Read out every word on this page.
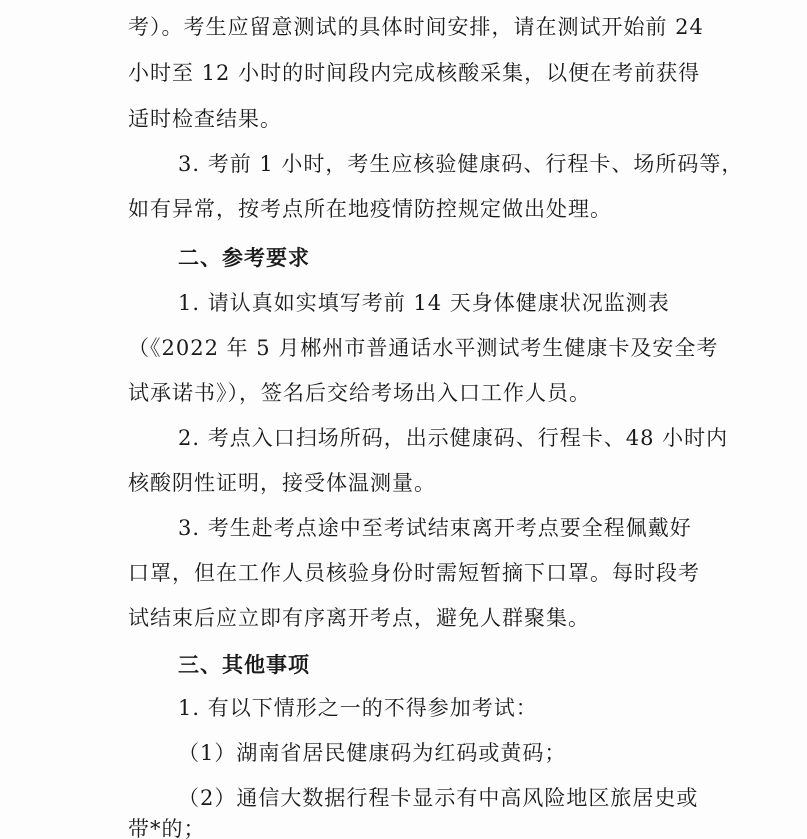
考）。考生应留意测试的具体时间安排，请在测试开始前 24
小时至 12 小时的时间段内完成核酸采集，以便在考前获得
适时检查结果。
3. 考前 1 小时，考生应核验健康码、行程卡、场所码等，
如有异常，按考点所在地疫情防控规定做出处理。
二、参考要求
1. 请认真如实填写考前 14 天身体健康状况监测表
（《2022 年 5 月郴州市普通话水平测试考生健康卡及安全考
试承诺书》），签名后交给考场出入口工作人员。
2. 考点入口扫场所码，出示健康码、行程卡、48 小时内
核酸阴性证明，接受体温测量。
3. 考生赴考点途中至考试结束离开考点要全程佩戴好
口罩，但在工作人员核验身份时需短暂摘下口罩。每时段考
试结束后应立即有序离开考点，避免人群聚集。
三、其他事项
1. 有以下情形之一的不得参加考试：
（1）湖南省居民健康码为红码或黄码；
（2）通信大数据行程卡显示有中高风险地区旅居史或
带*的；
